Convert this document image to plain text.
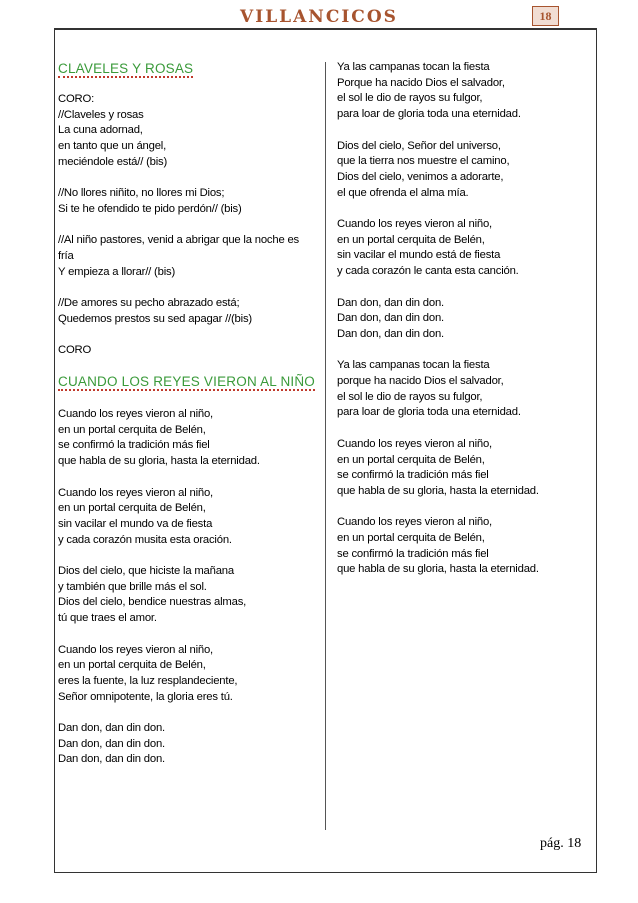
VILLANCICOS	18
CLAVELES Y ROSAS
CORO:
//Claveles y rosas
La cuna adornad,
en tanto que un ángel,
meciéndole está// (bis)
//No llores niñito, no llores mi Dios;
Si te he ofendido te pido perdón// (bis)
//Al niño pastores, venid a abrigar que la noche es
fría
Y empieza a llorar// (bis)
//De amores su pecho abrazado está;
Quedemos prestos su sed apagar //(bis)
CORO
CUANDO LOS REYES VIERON AL NIÑO
Cuando los reyes vieron al niño,
en un portal cerquita de Belén,
se confirmó la tradición más fiel
que habla de su gloria, hasta la eternidad.
Cuando los reyes vieron al niño,
en un portal cerquita de Belén,
sin vacilar el mundo va de fiesta
y cada corazón musita esta oración.
Dios del cielo, que hiciste la mañana
y también que brille más el sol.
Dios del cielo, bendice nuestras almas,
tú que traes el amor.
Cuando los reyes vieron al niño,
en un portal cerquita de Belén,
eres la fuente, la luz resplandeciente,
Señor omnipotente, la gloria eres tú.
Dan don, dan din don.
Dan don, dan din don.
Dan don, dan din don.
Ya las campanas tocan la fiesta
Porque ha nacido Dios el salvador,
el sol le dio de rayos su fulgor,
para loar de gloria toda una eternidad.
Dios del cielo, Señor del universo,
que la tierra nos muestre el camino,
Dios del cielo, venimos a adorarte,
el que ofrenda el alma mía.
Cuando los reyes vieron al niño,
en un portal cerquita de Belén,
sin vacilar el mundo está de fiesta
y cada corazón le canta esta canción.
Dan don, dan din don.
Dan don, dan din don.
Dan don, dan din don.
Ya las campanas tocan la fiesta
porque ha nacido Dios el salvador,
el sol le dio de rayos su fulgor,
para loar de gloria toda una eternidad.
Cuando los reyes vieron al niño,
en un portal cerquita de Belén,
se confirmó la tradición más fiel
que habla de su gloria, hasta la eternidad.
Cuando los reyes vieron al niño,
en un portal cerquita de Belén,
se confirmó la tradición más fiel
que habla de su gloria, hasta la eternidad.
pág. 18
